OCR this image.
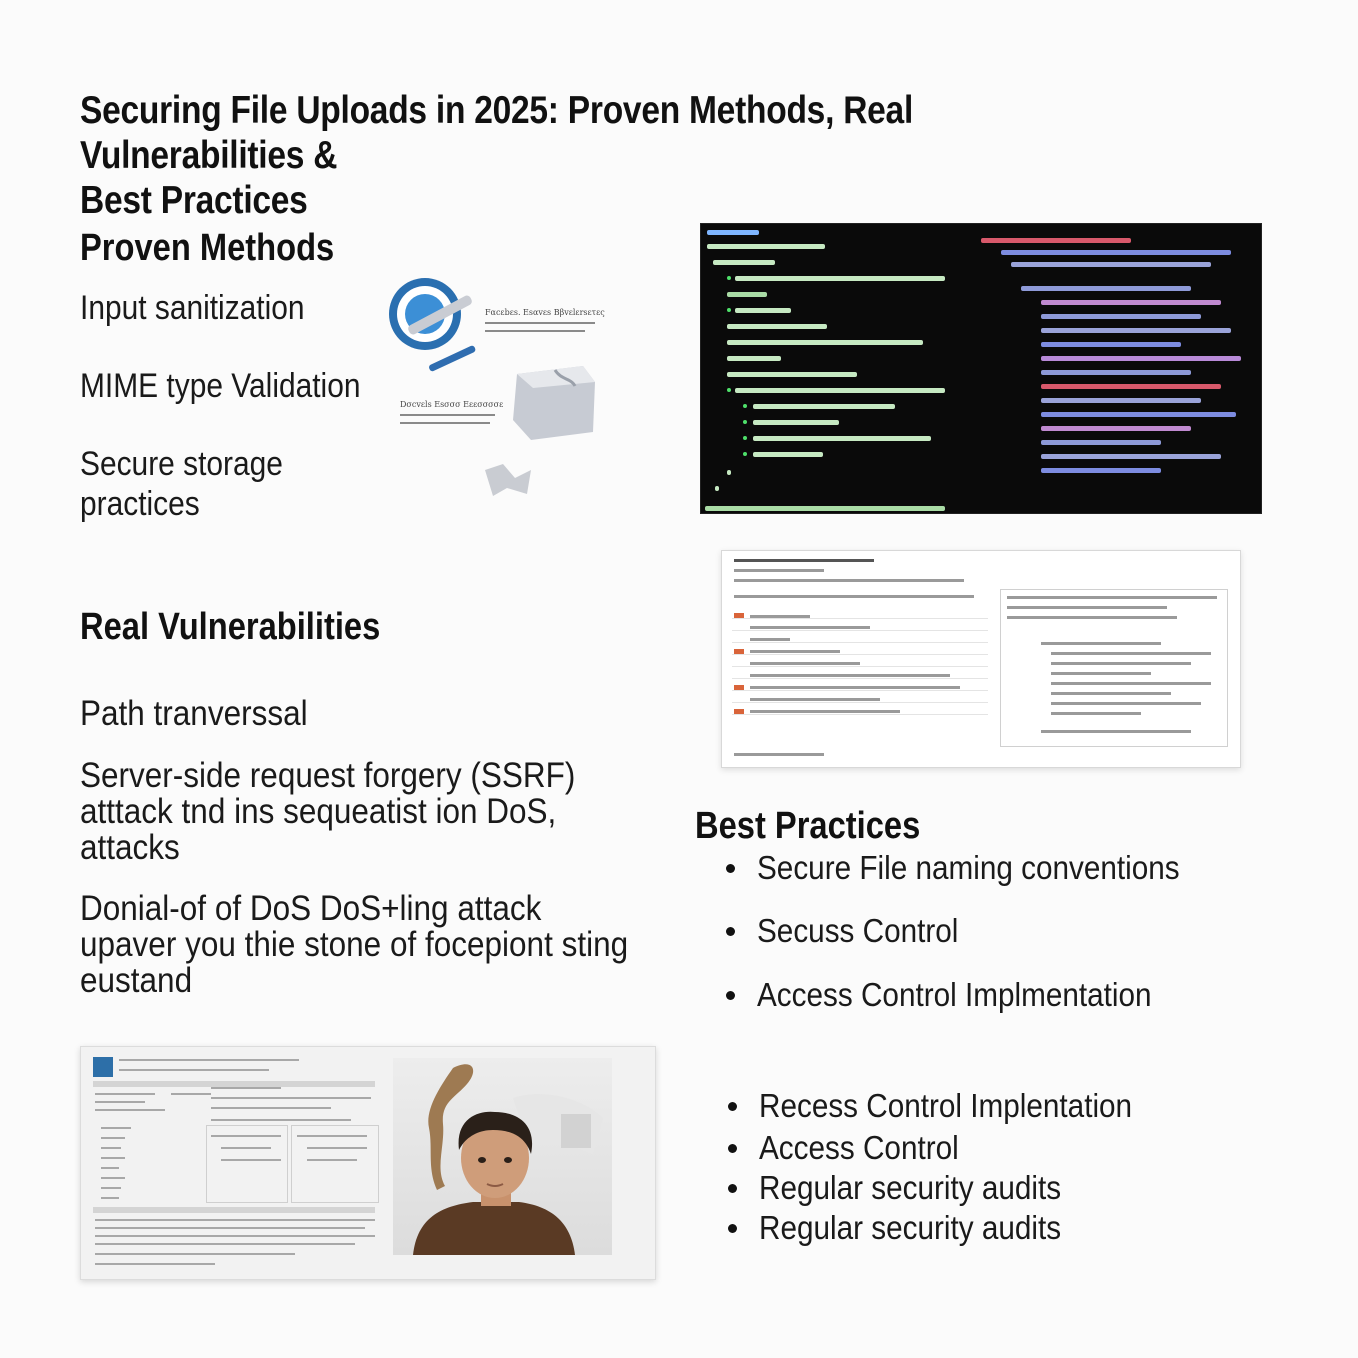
Securing File Uploads in 2025: Proven Methods, Real Vulnerabilities &
Best Practices
Proven Methods
Input sanitization
MIME type Validation
Secure storage
practices
Fαcεbεs. Εsαvεs Ββvεlεrsετες
Dσcvεls Εsσσσ Εεεσσσσε
Real Vulnerabilities
Path tranverssal
Server-side request forgery (SSRF)
atttack tnd ins sequeatist ion DoS,
attacks
Donial-of of DoS DoS+ling attack
upaver you thie stone of focepiont sting
eustand
Best Practices
Secure File naming conventions
Secuss Control
Access Control Implmentation
Recess Control Implentation
Access Control
Regular security audits
Regular security audits
